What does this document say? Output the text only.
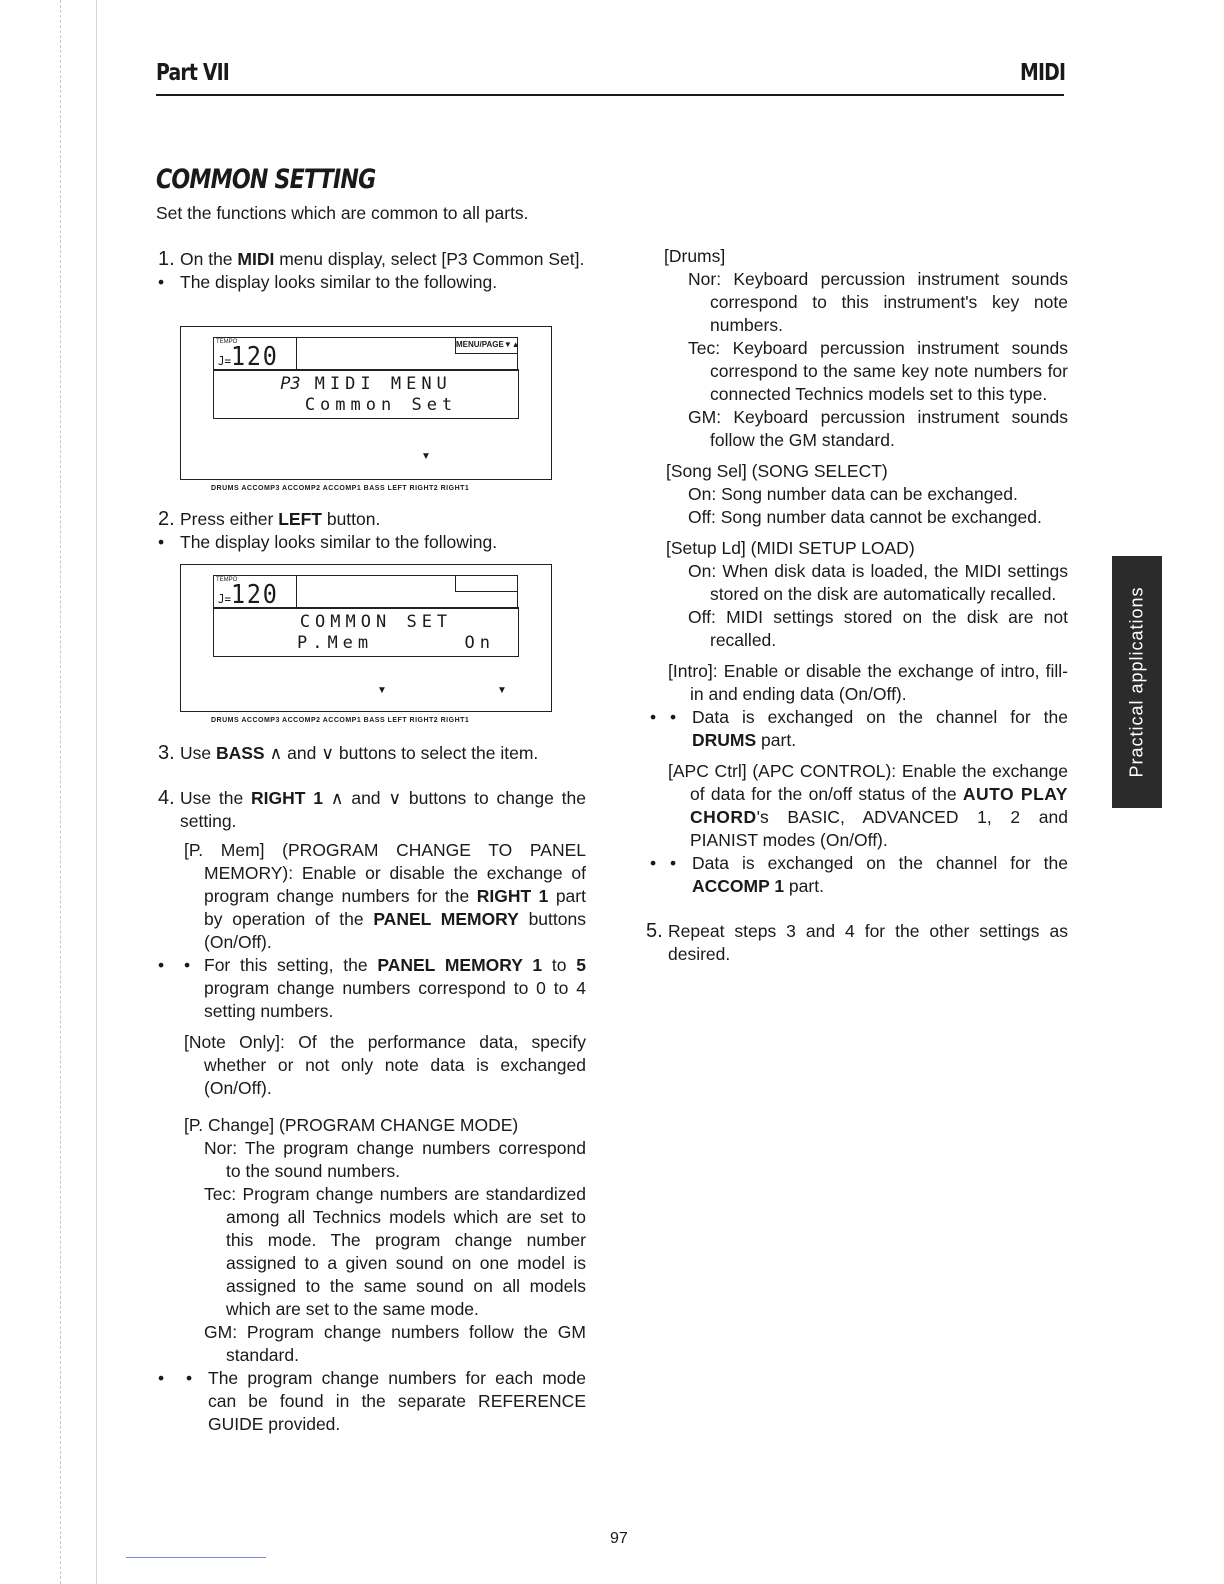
Part VII	MIDI
COMMON SETTING
Set the functions which are common to all parts.

1. On the MIDI menu display, select [P3 Common Set].

• The display looks similar to the following.

TEMPO
J=120	MENU/PAGE▼▲
P3 MIDI MENU
Common Set
▼
DRUMS ACCOMP3 ACCOMP2 ACCOMP1 BASS LEFT RIGHT2 RIGHT1

2. Press either LEFT button.

• The display looks similar to the following.

TEMPO
J=120
COMMON SET
P.Mem      On
▼	▼
DRUMS ACCOMP3 ACCOMP2 ACCOMP1 BASS LEFT RIGHT2 RIGHT1

3. Use BASS ∧ and ∨ buttons to select the item.

4. Use the RIGHT 1 ∧ and ∨ buttons to change the setting.

[P. Mem] (PROGRAM CHANGE TO PANEL MEMORY): Enable or disable the exchange of program change numbers for the RIGHT 1 part by operation of the PANEL MEMORY buttons (On/Off).

• • For this setting, the PANEL MEMORY 1 to 5 program change numbers correspond to 0 to 4 setting numbers.

[Note Only]: Of the performance data, specify whether or not only note data is exchanged (On/Off).

[P. Change] (PROGRAM CHANGE MODE)

Nor: The program change numbers correspond to the sound numbers.

Tec: Program change numbers are standardized among all Technics models which are set to this mode. The program change number assigned to a given sound on one model is assigned to the same sound on all models which are set to the same mode.

GM: Program change numbers follow the GM standard.

• • The program change numbers for each mode can be found in the separate REFERENCE GUIDE provided.

[Drums]

Nor: Keyboard percussion instrument sounds correspond to this instrument's key note numbers.

Tec: Keyboard percussion instrument sounds correspond to the same key note numbers for connected Technics models set to this type.

GM: Keyboard percussion instrument sounds follow the GM standard.

[Song Sel] (SONG SELECT)

On: Song number data can be exchanged.

Off: Song number data cannot be exchanged.

[Setup Ld] (MIDI SETUP LOAD)

On: When disk data is loaded, the MIDI settings stored on the disk are automatically recalled.

Off: MIDI settings stored on the disk are not recalled.

[Intro]: Enable or disable the exchange of intro, fill-in and ending data (On/Off).

• • Data is exchanged on the channel for the DRUMS part.

[APC Ctrl] (APC CONTROL): Enable the exchange of data for the on/off status of the AUTO PLAY CHORD's BASIC, ADVANCED 1, 2 and PIANIST modes (On/Off).

• • Data is exchanged on the channel for the ACCOMP 1 part.

5. Repeat steps 3 and 4 for the other settings as desired.

Practical applications
97
